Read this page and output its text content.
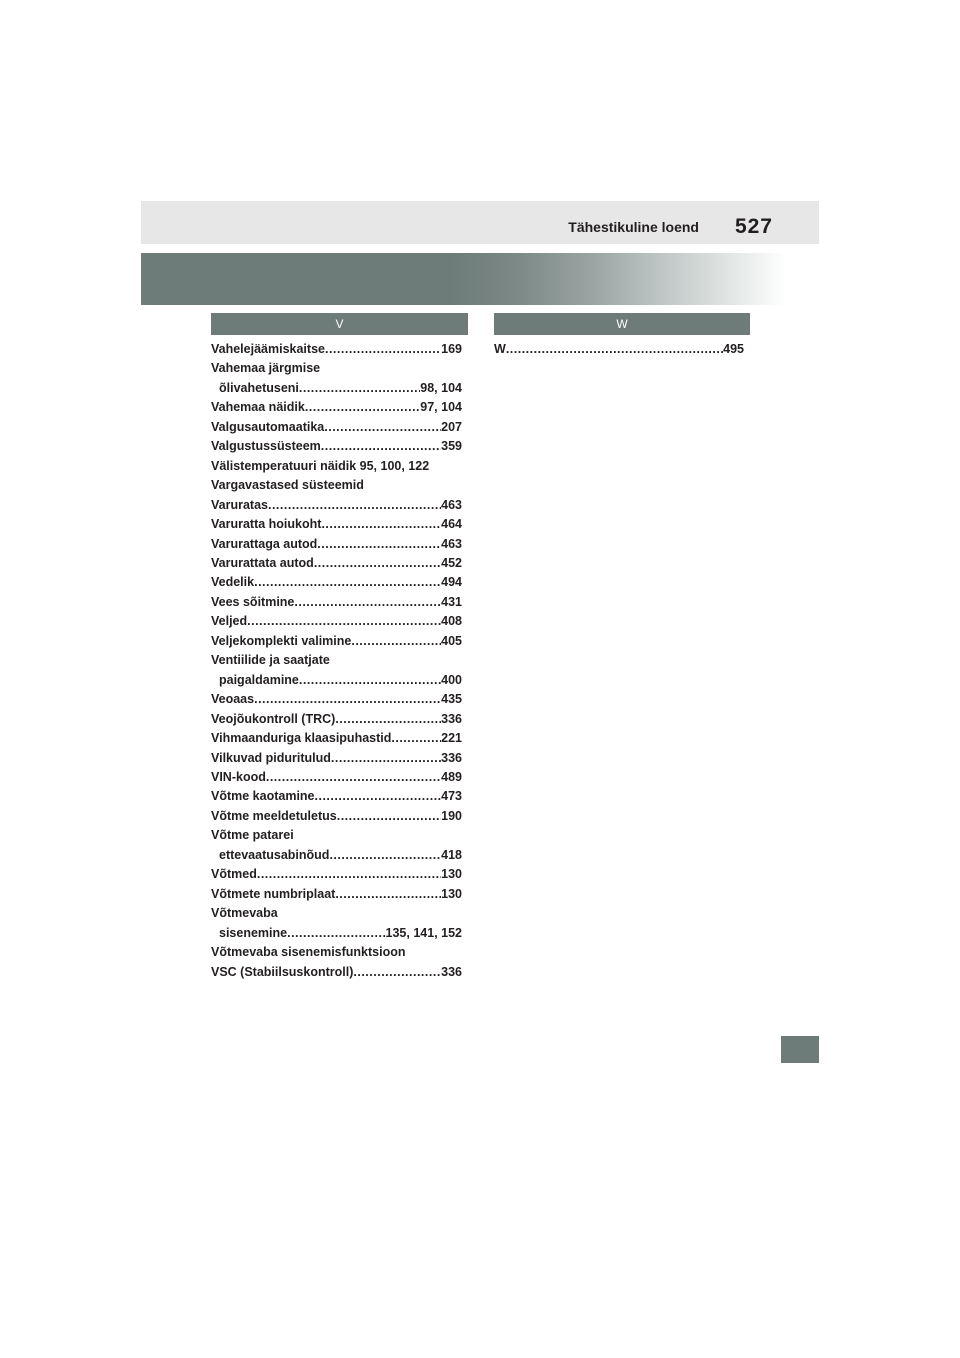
Tähestikuline loend 527
V	W
Vahelejäämiskaitse .....	169
Vahemaa järgmise
õlivahetuseni .....	98, 104
Vahemaa näidik .....	97, 104
Valgusautomaatika .....	207
Valgustussüsteem .....	359
Välistemperatuuri näidik 95, 100, 122
Vargavastased süsteemid
Varuratas .....	463
Varuratta hoiukoht .....	464
Varurattaga autod .....	463
Varurattata autod .....	452
Vedelik .....	494
Vees sõitmine .....	431
Veljed .....	408
Veljekomplekti valimine .....	405
Ventiilide ja saatjate
paigaldamine .....	400
Veoaas .....	435
Veojõukontroll (TRC) .....	336
Vihmaanduriga klaasipuhastid .....	221
Vilkuvad piduritulud .....	336
VIN-kood .....	489
Võtme kaotamine .....	473
Võtme meeldetuletus .....	190
Võtme patarei
ettevaatusabinõud .....	418
Võtmed .....	130
Võtmete numbriplaat .....	130
Võtmevaba
sisenemine .....	135, 141, 152
Võtmevaba sisenemisfunktsioon
VSC (Stabiilsuskontroll) .....	336
W .....	495
